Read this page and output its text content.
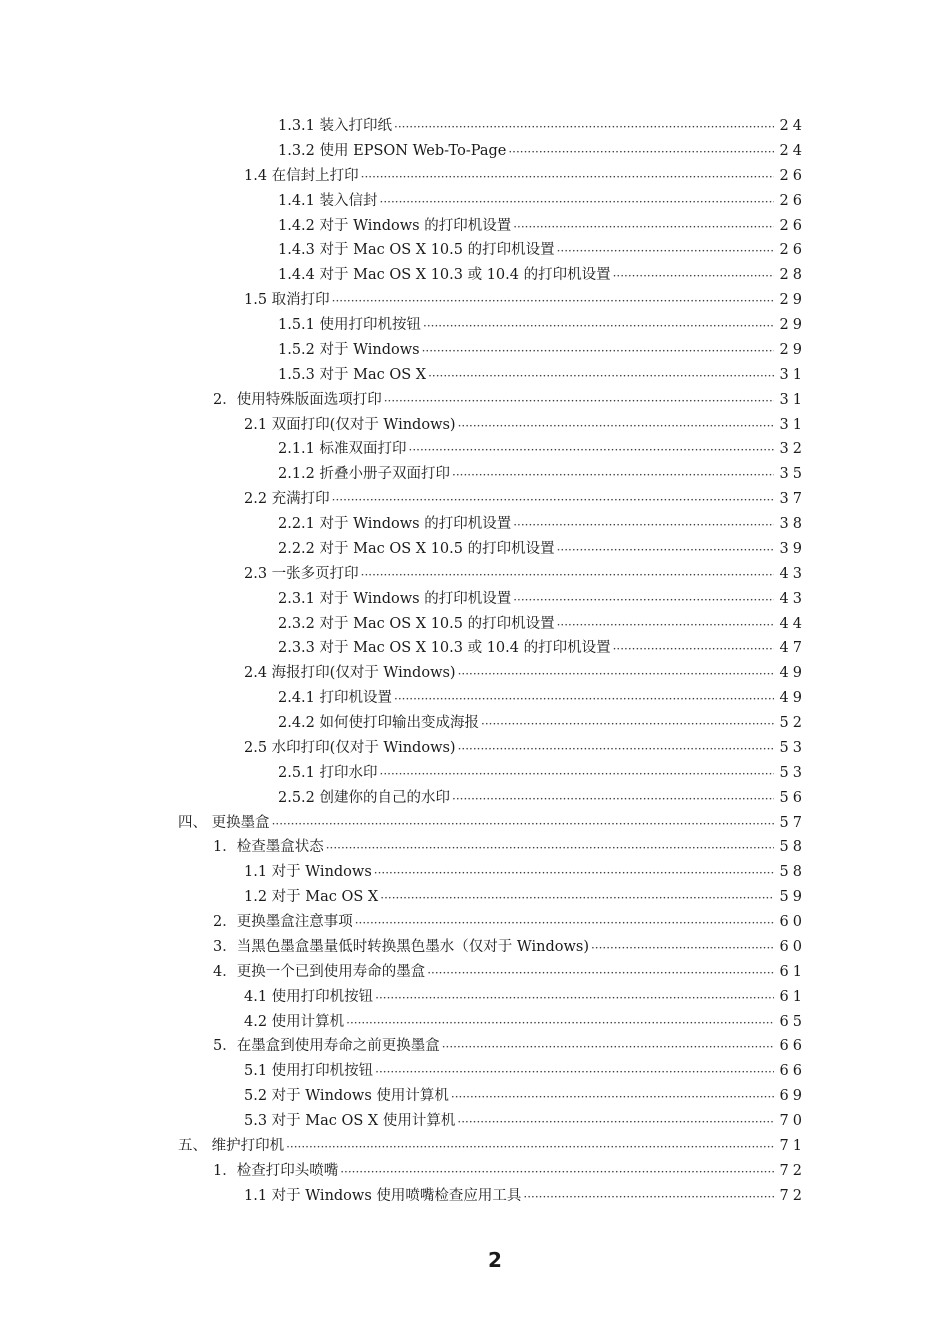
1.3.1 装入打印纸 ·····	24
1.3.2 使用 EPSON Web-To-Page ·····	24
1.4 在信封上打印 ·····	26
1.4.1 装入信封 ·····	26
1.4.2 对于 Windows 的打印机设置 ·····	26
1.4.3 对于 Mac OS X 10.5 的打印机设置 ·····	26
1.4.4 对于 Mac OS X 10.3 或 10.4 的打印机设置 ·····	28
1.5 取消打印 ·····	29
1.5.1 使用打印机按钮 ·····	29
1.5.2 对于 Windows ·····	29
1.5.3 对于 Mac OS X ·····	31
2．使用特殊版面选项打印 ·····	31
2.1 双面打印(仅对于 Windows) ·····	31
2.1.1 标准双面打印 ·····	32
2.1.2 折叠小册子双面打印 ·····	35
2.2 充满打印 ·····	37
2.2.1 对于 Windows 的打印机设置 ·····	38
2.2.2 对于 Mac OS X 10.5 的打印机设置 ·····	39
2.3 一张多页打印 ·····	43
2.3.1 对于 Windows 的打印机设置 ·····	43
2.3.2 对于 Mac OS X 10.5 的打印机设置 ·····	44
2.3.3 对于 Mac OS X 10.3 或 10.4 的打印机设置 ·····	47
2.4 海报打印(仅对于 Windows) ·····	49
2.4.1 打印机设置 ·····	49
2.4.2 如何使打印输出变成海报 ·····	52
2.5 水印打印(仅对于 Windows) ·····	53
2.5.1 打印水印 ·····	53
2.5.2 创建你的自己的水印 ·····	56
四、 更换墨盒 ·····	57
1．检查墨盒状态 ·····	58
1.1 对于 Windows ·····	58
1.2 对于 Mac OS X ·····	59
2．更换墨盒注意事项 ·····	60
3．当黑色墨盒墨量低时转换黑色墨水（仅对于 Windows) ·····	60
4．更换一个已到使用寿命的墨盒 ·····	61
4.1 使用打印机按钮 ·····	61
4.2 使用计算机 ·····	65
5．在墨盒到使用寿命之前更换墨盒 ·····	66
5.1 使用打印机按钮 ·····	66
5.2 对于 Windows 使用计算机 ·····	69
5.3 对于 Mac OS X 使用计算机 ·····	70
五、 维护打印机 ·····	71
1．检查打印头喷嘴 ·····	72
1.1 对于 Windows 使用喷嘴检查应用工具 ·····	72
2
